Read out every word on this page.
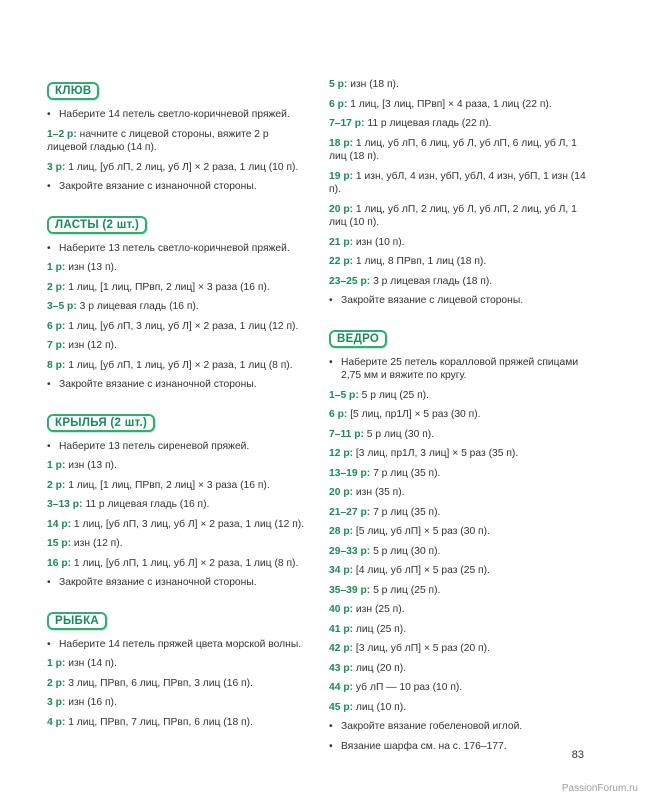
КЛЮВ
• Наберите 14 петель светло-коричневой пряжей.
1–2 р: начните с лицевой стороны, вяжите 2 р лицевой гладью (14 п).
3 р: 1 лиц, [уб лП, 2 лиц, уб Л] × 2 раза, 1 лиц (10 п).
• Закройте вязание с изнаночной стороны.
ЛАСТЫ (2 шт.)
• Наберите 13 петель светло-коричневой пряжей.
1 р: изн (13 п).
2 р: 1 лиц, [1 лиц, ПРвп, 2 лиц] × 3 раза (16 п).
3–5 р: 3 р лицевая гладь (16 п).
6 р: 1 лиц, [уб лП, 3 лиц, уб Л] × 2 раза, 1 лиц (12 п).
7 р: изн (12 п).
8 р: 1 лиц, [уб лП, 1 лиц, уб Л] × 2 раза, 1 лиц (8 п).
• Закройте вязание с изнаночной стороны.
КРЫЛЬЯ (2 шт.)
• Наберите 13 петель сиреневой пряжей.
1 р: изн (13 п).
2 р: 1 лиц, [1 лиц, ПРвп, 2 лиц] × 3 раза (16 п).
3–13 р: 11 р лицевая гладь (16 п).
14 р: 1 лиц, [уб лП, 3 лиц, уб Л] × 2 раза, 1 лиц (12 п).
15 р: изн (12 п).
16 р: 1 лиц, [уб лП, 1 лиц, уб Л] × 2 раза, 1 лиц (8 п).
• Закройте вязание с изнаночной стороны.
РЫБКА
• Наберите 14 петель пряжей цвета морской волны.
1 р: изн (14 п).
2 р: 3 лиц, ПРвп, 6 лиц, ПРвп, 3 лиц (16 п).
3 р: изн (16 п).
4 р: 1 лиц, ПРвп, 7 лиц, ПРвп, 6 лиц (18 п).
5 р: изн (18 п).
6 р: 1 лиц, [3 лиц, ПРвп] × 4 раза, 1 лиц (22 п).
7–17 р: 11 р лицевая гладь (22 п).
18 р: 1 лиц, уб лП, 6 лиц, уб Л, уб лП, 6 лиц, уб Л, 1 лиц (18 п).
19 р: 1 изн, убЛ, 4 изн, убП, убЛ, 4 изн, убП, 1 изн (14 п).
20 р: 1 лиц, уб лП, 2 лиц, уб Л, уб лП, 2 лиц, уб Л, 1 лиц (10 п).
21 р: изн (10 п).
22 р: 1 лиц, 8 ПРвп, 1 лиц (18 п).
23–25 р: 3 р лицевая гладь (18 п).
• Закройте вязание с лицевой стороны.
ВЕДРО
• Наберите 25 петель коралловой пряжей спицами 2,75 мм и вяжите по кругу.
1–5 р: 5 р лиц (25 п).
6 р: [5 лиц, пр1Л] × 5 раз (30 п).
7–11 р: 5 р лиц (30 п).
12 р: [3 лиц, пр1Л, 3 лиц] × 5 раз (35 п).
13–19 р: 7 р лиц (35 п).
20 р: изн (35 п).
21–27 р: 7 р лиц (35 п).
28 р: [5 лиц, уб лП] × 5 раз (30 п).
29–33 р: 5 р лиц (30 п).
34 р: [4 лиц, уб лП] × 5 раз (25 п).
35–39 р: 5 р лиц (25 п).
40 р: изн (25 п).
41 р: лиц (25 п).
42 р: [3 лиц, уб лП] × 5 раз (20 п).
43 р: лиц (20 п).
44 р: уб лП — 10 раз (10 п).
45 р: лиц (10 п).
• Закройте вязание гобеленовой иглой.
• Вязание шарфа см. на с. 176–177.
83
PassionForum.ru
